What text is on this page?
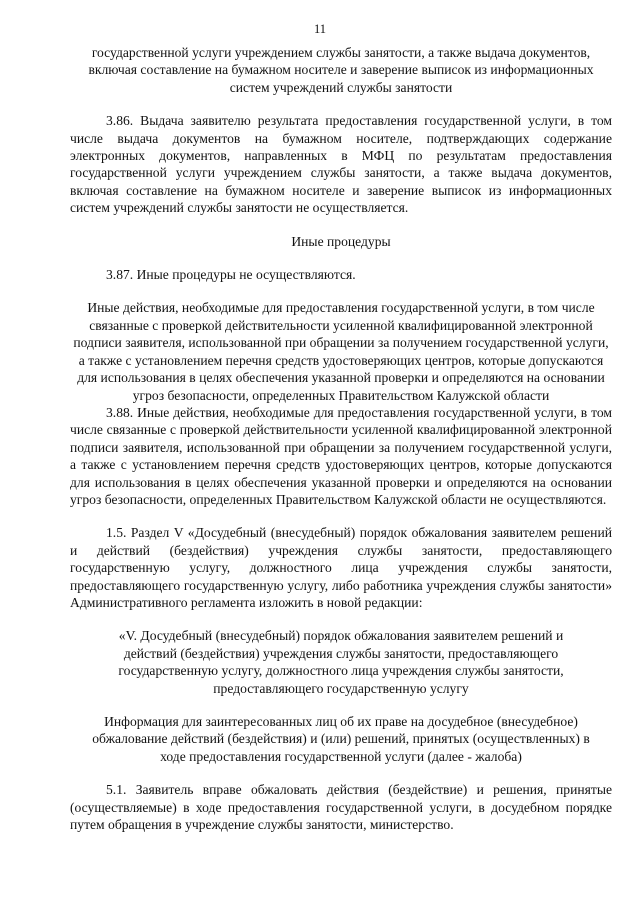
11

государственной услуги учреждением службы занятости, а также выдача документов, включая составление на бумажном носителе и заверение выписок из информационных систем учреждений службы занятости

3.86. Выдача заявителю результата предоставления государственной услуги, в том числе выдача документов на бумажном носителе, подтверждающих содержание электронных документов, направленных в МФЦ по результатам предоставления государственной услуги учреждением службы занятости, а также выдача документов, включая составление на бумажном носителе и заверение выписок из информационных систем учреждений службы занятости не осуществляется.

Иные процедуры

3.87. Иные процедуры не осуществляются.

Иные действия, необходимые для предоставления государственной услуги, в том числе связанные с проверкой действительности усиленной квалифицированной электронной подписи заявителя, использованной при обращении за получением государственной услуги, а также с установлением перечня средств удостоверяющих центров, которые допускаются для использования в целях обеспечения указанной проверки и определяются на основании угроз безопасности, определенных Правительством Калужской области

3.88. Иные действия, необходимые для предоставления государственной услуги, в том числе связанные с проверкой действительности усиленной квалифицированной электронной подписи заявителя, использованной при обращении за получением государственной услуги, а также с установлением перечня средств удостоверяющих центров, которые допускаются для использования в целях обеспечения указанной проверки и определяются на основании угроз безопасности, определенных Правительством Калужской области не осуществляются.

1.5. Раздел V «Досудебный (внесудебный) порядок обжалования заявителем решений и действий (бездействия) учреждения службы занятости, предоставляющего государственную услугу, должностного лица учреждения службы занятости, предоставляющего государственную услугу, либо работника учреждения службы занятости» Административного регламента изложить в новой редакции:

«V. Досудебный (внесудебный) порядок обжалования заявителем решений и действий (бездействия) учреждения службы занятости, предоставляющего государственную услугу, должностного лица учреждения службы занятости, предоставляющего государственную услугу

Информация для заинтересованных лиц об их праве на досудебное (внесудебное) обжалование действий (бездействия) и (или) решений, принятых (осуществленных) в ходе предоставления государственной услуги (далее - жалоба)

5.1. Заявитель вправе обжаловать действия (бездействие) и решения, принятые (осуществляемые) в ходе предоставления государственной услуги, в досудебном порядке путем обращения в учреждение службы занятости, министерство.
